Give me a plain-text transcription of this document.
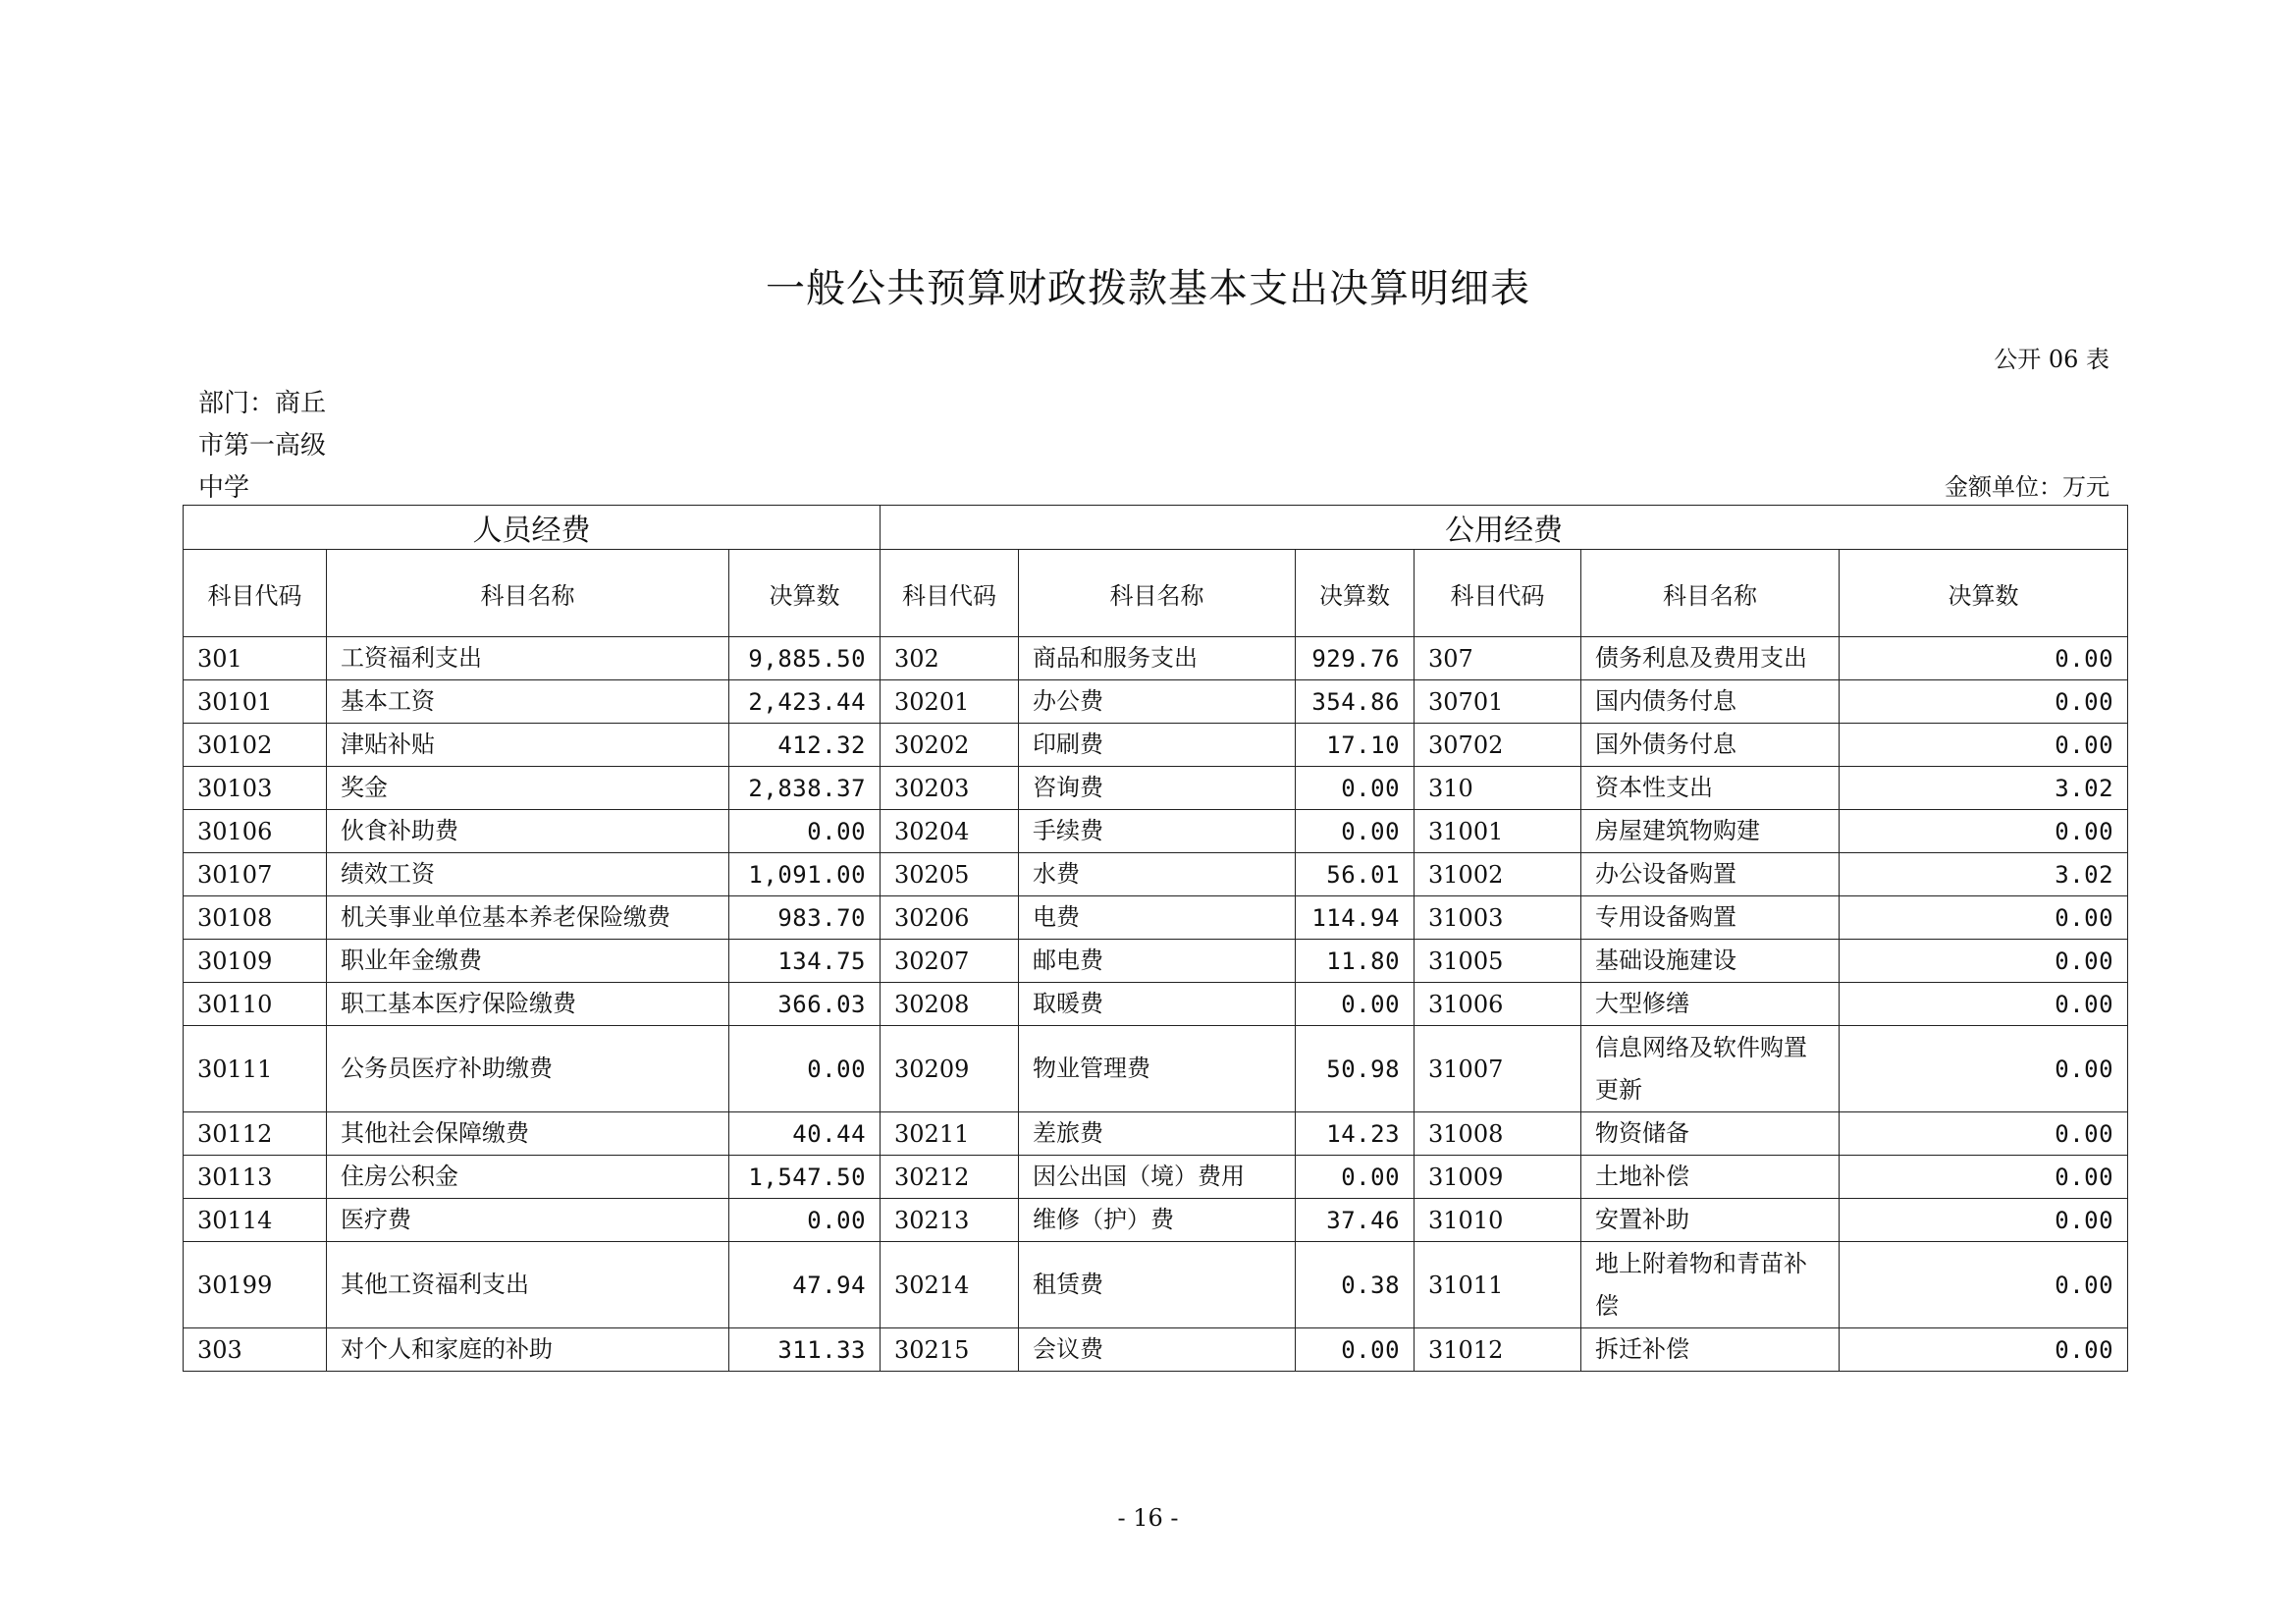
一般公共预算财政拨款基本支出决算明细表
公开 06 表
部门：商丘市第一高级中学	金额单位：万元
人员经费			公用经费					
科目代码	科目名称	决算数	科目代码	科目名称	决算数	科目代码	科目名称	决算数
301	工资福利支出	9,885.50	302	商品和服务支出	929.76	307	债务利息及费用支出	0.00
30101	基本工资	2,423.44	30201	办公费	354.86	30701	国内债务付息	0.00
30102	津贴补贴	412.32	30202	印刷费	17.10	30702	国外债务付息	0.00
30103	奖金	2,838.37	30203	咨询费	0.00	310	资本性支出	3.02
30106	伙食补助费	0.00	30204	手续费	0.00	31001	房屋建筑物购建	0.00
30107	绩效工资	1,091.00	30205	水费	56.01	31002	办公设备购置	3.02
30108	机关事业单位基本养老保险缴费	983.70	30206	电费	114.94	31003	专用设备购置	0.00
30109	职业年金缴费	134.75	30207	邮电费	11.80	31005	基础设施建设	0.00
30110	职工基本医疗保险缴费	366.03	30208	取暖费	0.00	31006	大型修缮	0.00
30111	公务员医疗补助缴费	0.00	30209	物业管理费	50.98	31007	信息网络及软件购置更新	0.00
30112	其他社会保障缴费	40.44	30211	差旅费	14.23	31008	物资储备	0.00
30113	住房公积金	1,547.50	30212	因公出国（境）费用	0.00	31009	土地补偿	0.00
30114	医疗费	0.00	30213	维修（护）费	37.46	31010	安置补助	0.00
30199	其他工资福利支出	47.94	30214	租赁费	0.38	31011	地上附着物和青苗补偿	0.00
303	对个人和家庭的补助	311.33	30215	会议费	0.00	31012	拆迁补偿	0.00
- 16 -
